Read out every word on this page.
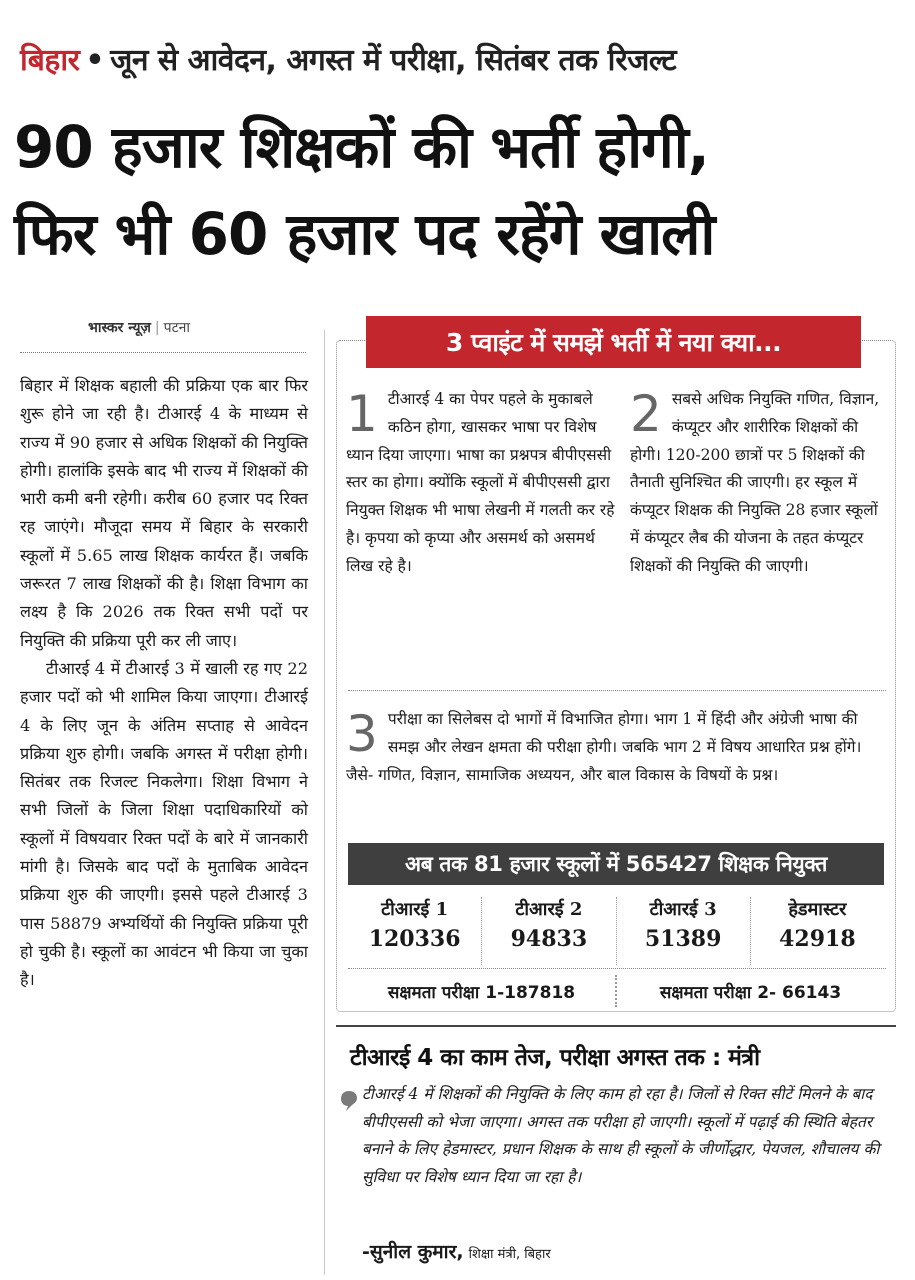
बिहार • जून से आवेदन, अगस्त में परीक्षा, सितंबर तक रिजल्ट
90 हजार शिक्षकों की भर्ती होगी,
फिर भी 60 हजार पद रहेंगे खाली
भास्कर न्यूज़ | पटना

बिहार में शिक्षक बहाली की प्रक्रिया एक बार फिर शुरू होने जा रही है। टीआरई 4 के माध्यम से राज्य में 90 हजार से अधिक शिक्षकों की नियुक्ति होगी। हालांकि इसके बाद भी राज्य में शिक्षकों की भारी कमी बनी रहेगी। करीब 60 हजार पद रिक्त रह जाएंगे। मौजूदा समय में बिहार के सरकारी स्कूलों में 5.65 लाख शिक्षक कार्यरत हैं। जबकि जरूरत 7 लाख शिक्षकों की है। शिक्षा विभाग का लक्ष्य है कि 2026 तक रिक्त सभी पदों पर नियुक्ति की प्रक्रिया पूरी कर ली जाए।

टीआरई 4 में टीआरई 3 में खाली रह गए 22 हजार पदों को भी शामिल किया जाएगा। टीआरई 4 के लिए जून के अंतिम सप्ताह से आवेदन प्रक्रिया शुरु होगी। जबकि अगस्त में परीक्षा होगी। सितंबर तक रिजल्ट निकलेगा। शिक्षा विभाग ने सभी जिलों के जिला शिक्षा पदाधिकारियों को स्कूलों में विषयवार रिक्त पदों के बारे में जानकारी मांगी है। जिसके बाद पदों के मुताबिक आवेदन प्रक्रिया शुरु की जाएगी। इससे पहले टीआरई 3 पास 58879 अभ्यर्थियों की नियुक्ति प्रक्रिया पूरी हो चुकी है। स्कूलों का आवंटन भी किया जा चुका है।

3 प्वाइंट में समझें भर्ती में नया क्या...
1 टीआरई 4 का पेपर पहले के मुकाबले कठिन होगा, खासकर भाषा पर विशेष ध्यान दिया जाएगा। भाषा का प्रश्नपत्र बीपीएससी स्तर का होगा। क्योंकि स्कूलों में बीपीएससी द्वारा नियुक्त शिक्षक भी भाषा लेखनी में गलती कर रहे है। कृपया को कृप्या और असमर्थ को असमर्थ लिख रहे है।
2 सबसे अधिक नियुक्ति गणित, विज्ञान, कंप्यूटर और शारीरिक शिक्षकों की होगी। 120-200 छात्रों पर 5 शिक्षकों की तैनाती सुनिश्चित की जाएगी। हर स्कूल में कंप्यूटर शिक्षक की नियुक्ति 28 हजार स्कूलों में कंप्यूटर लैब की योजना के तहत कंप्यूटर शिक्षकों की नियुक्ति की जाएगी।
3 परीक्षा का सिलेबस दो भागों में विभाजित होगा। भाग 1 में हिंदी और अंग्रेजी भाषा की समझ और लेखन क्षमता की परीक्षा होगी। जबकि भाग 2 में विषय आधारित प्रश्न होंगे। जैसे- गणित, विज्ञान, सामाजिक अध्ययन, और बाल विकास के विषयों के प्रश्न।
अब तक 81 हजार स्कूलों में 565427 शिक्षक नियुक्त
टीआरई 1
120336
टीआरई 2
94833
टीआरई 3
51389
हेडमास्टर
42918
सक्षमता परीक्षा 1-187818	सक्षमता परीक्षा 2- 66143
टीआरई 4 का काम तेज, परीक्षा अगस्त तक : मंत्री
टीआरई 4 में शिक्षकों की नियुक्ति के लिए काम हो रहा है। जिलों से रिक्त सीटें मिलने के बाद बीपीएससी को भेजा जाएगा। अगस्त तक परीक्षा हो जाएगी। स्कूलों में पढ़ाई की स्थिति बेहतर बनाने के लिए हेडमास्टर, प्रधान शिक्षक के साथ ही स्कूलों के जीर्णोद्धार, पेयजल, शौचालय की सुविधा पर विशेष ध्यान दिया जा रहा है।
-सुनील कुमार, शिक्षा मंत्री, बिहार
